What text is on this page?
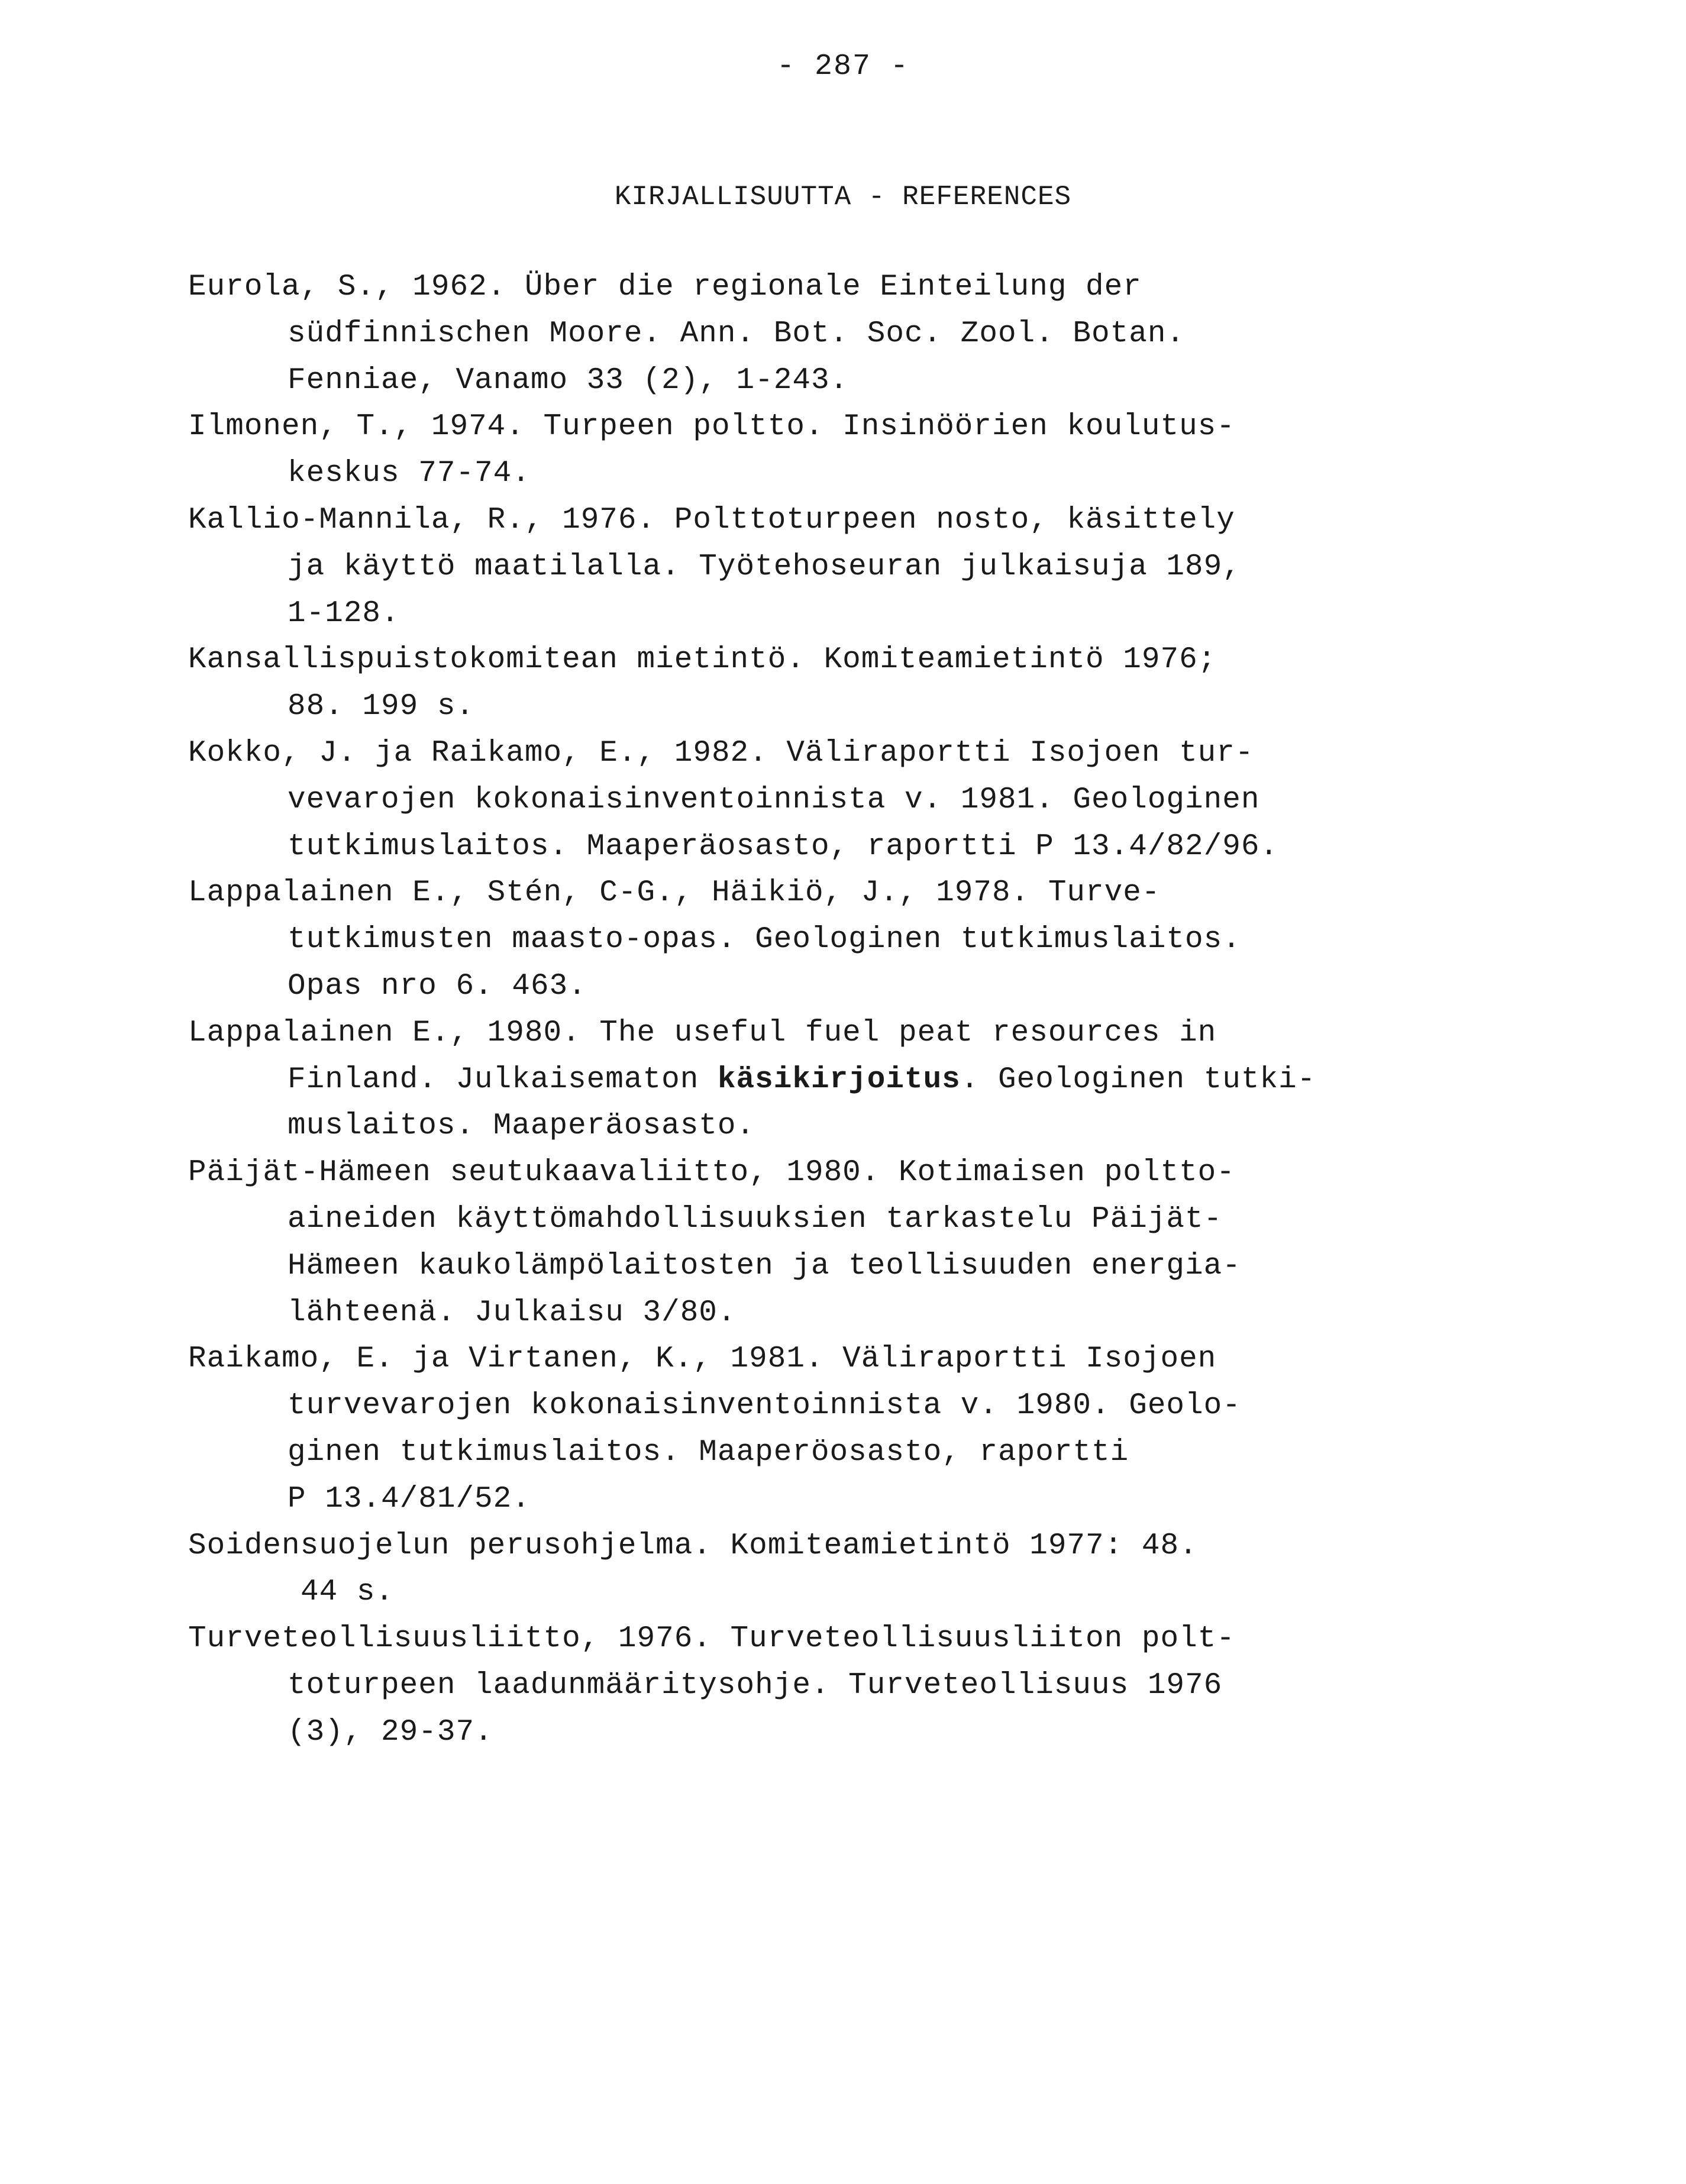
- 287 -
KIRJALLISUUTTA - REFERENCES
Eurola, S., 1962. Über die regionale Einteilung der
südfinnischen Moore. Ann. Bot. Soc. Zool. Botan.
Fenniae, Vanamo 33 (2), 1-243.
Ilmonen, T., 1974. Turpeen poltto. Insinöörien koulutus-
keskus 77-74.
Kallio-Mannila, R., 1976. Polttoturpeen nosto, käsittely
ja käyttö maatilalla. Työtehoseuran julkaisuja 189,
1-128.
Kansallispuistokomitean mietintö. Komiteamietintö 1976;
88. 199 s.
Kokko, J. ja Raikamo, E., 1982. Väliraportti Isojoen tur-
vevarojen kokonaisinventoinnista v. 1981. Geologinen
tutkimuslaitos. Maaperäosasto, raportti P 13.4/82/96.
Lappalainen E., Stén, C-G., Häikiö, J., 1978. Turve-
tutkimusten maasto-opas. Geologinen tutkimuslaitos.
Opas nro 6. 463.
Lappalainen E., 1980. The useful fuel peat resources in
Finland. Julkaisematon käsikirjoitus. Geologinen tutki-
muslaitos. Maaperäosasto.
Päijät-Hämeen seutukaavaliitto, 1980. Kotimaisen poltto-
aineiden käyttömahdollisuuksien tarkastelu Päijät-
Hämeen kaukolämpölaitosten ja teollisuuden energia-
lähteenä. Julkaisu 3/80.
Raikamo, E. ja Virtanen, K., 1981. Väliraportti Isojoen
turvevarojen kokonaisinventoinnista v. 1980. Geolo-
ginen tutkimuslaitos. Maaperöosasto, raportti
P 13.4/81/52.
Soidensuojelun perusohjelma. Komiteamietintö 1977: 48.
44 s.
Turveteollisuusliitto, 1976. Turveteollisuusliiton polt-
toturpeen laadunmääritysohje. Turveteollisuus 1976
(3), 29-37.
